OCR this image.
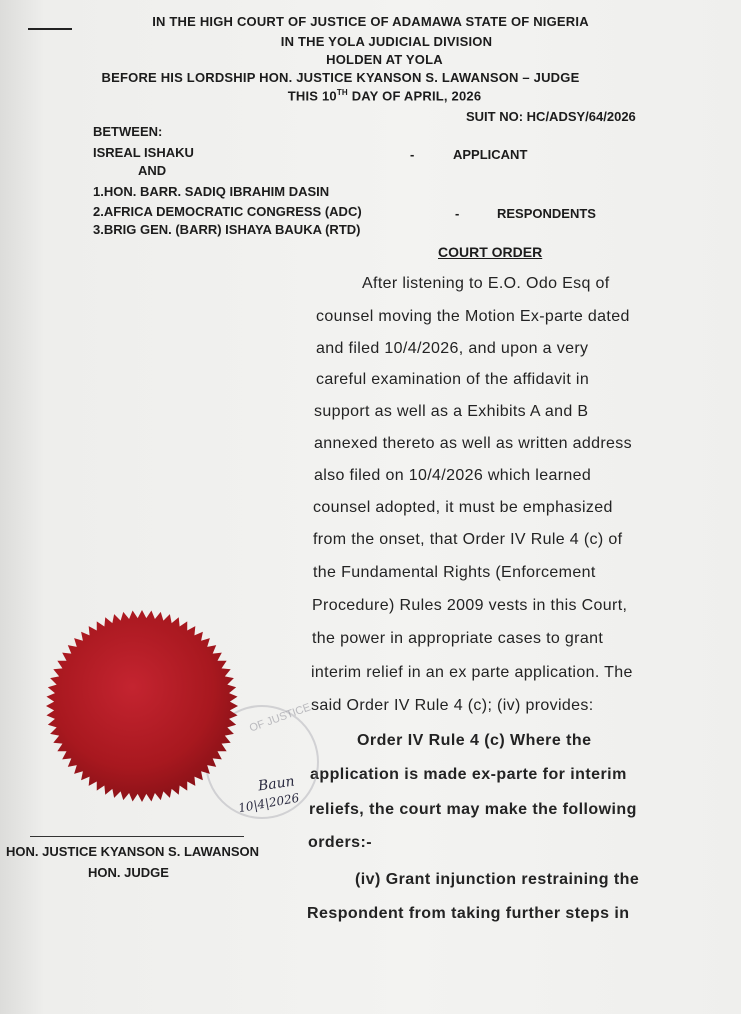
IN THE HIGH COURT OF JUSTICE OF ADAMAWA STATE OF NIGERIA
IN THE YOLA JUDICIAL DIVISION
HOLDEN AT YOLA
BEFORE HIS LORDSHIP HON. JUSTICE KYANSON S. LAWANSON – JUDGE
THIS 10TH DAY OF APRIL, 2026
SUIT NO: HC/ADSY/64/2026
BETWEEN:
ISREAL ISHAKU	-	APPLICANT
AND
1.HON. BARR. SADIQ IBRAHIM DASIN
2.AFRICA DEMOCRATIC CONGRESS (ADC)	-	RESPONDENTS
3.BRIG GEN. (BARR) ISHAYA BAUKA (RTD)
COURT ORDER
After listening to E.O. Odo Esq of
counsel moving the Motion Ex-parte dated
and filed 10/4/2026, and upon a very
careful examination of the affidavit in
support as well as a Exhibits A and B
annexed thereto as well as written address
also filed on 10/4/2026 which learned
counsel adopted, it must be emphasized
from the onset, that Order IV Rule 4 (c) of
the Fundamental Rights (Enforcement
Procedure) Rules 2009 vests in this Court,
the power in appropriate cases to grant
interim relief in an ex parte application. The
said Order IV Rule 4 (c); (iv) provides:
Order IV Rule 4 (c) Where the
application is made ex-parte for interim
reliefs, the court may make the following
orders:-
(iv) Grant injunction restraining the
Respondent from taking further steps in
OF JUSTICE
Baun
10|4|2026
HON. JUSTICE KYANSON S. LAWANSON
HON. JUDGE
